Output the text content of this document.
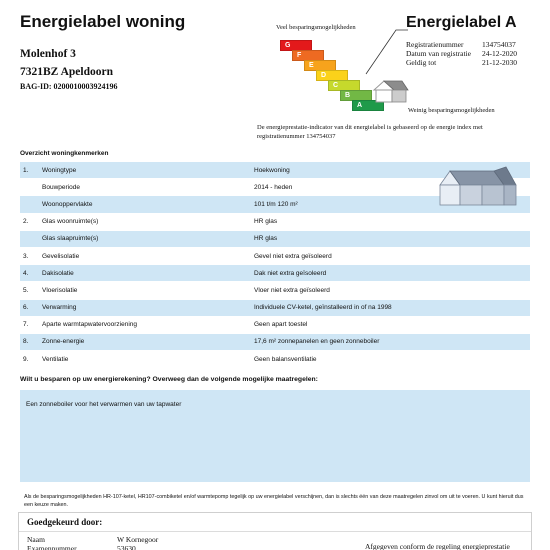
Energielabel woning
Molenhof 3
7321BZ Apeldoorn
BAG-ID: 0200010003924196
Veel besparingsmogelijkheden
G
F
E
D
C
B
A
Energielabel A
Registratienummer	134754037
Datum van registratie	24-12-2020
Geldig tot	21-12-2030
Weinig besparingsmogelijkheden
De energieprestatie-indicator van dit energielabel is gebaseerd op de energie index met registratienummer 134754037
Overzicht woningkenmerken
1.	Woningtype	Hoekwoning
Bouwperiode	2014 - heden
Woonoppervlakte	101 t/m 120 m²
2.	Glas woonruimte(s)	HR glas
Glas slaapruimte(s)	HR glas
3.	Gevelisolatie	Gevel niet extra geïsoleerd
4.	Dakisolatie	Dak niet extra geïsoleerd
5.	Vloerisolatie	Vloer niet extra geïsoleerd
6.	Verwarming	Individuele CV-ketel, geïnstalleerd in of na 1998
7.	Aparte warmtapwatervoorziening	Geen apart toestel
8.	Zonne-energie	17,6 m² zonnepanelen en geen zonneboiler
9.	Ventilatie	Geen balansventilatie
Wilt u besparen op uw energierekening? Overweeg dan de volgende mogelijke maatregelen:
Een zonneboiler voor het verwarmen van uw tapwater
Als de besparingsmogelijkheden HR-107-ketel, HR107-combiketel en/of warmtepomp tegelijk op uw energielabel verschijnen, dan is slechts één van deze maatregelen zinvol om uit te voeren. U kunt hieruit dus een keuze maken.
Goedgekeurd door:
Naam	W Kornegoor
Examennummer	53630	Afgegeven conform de regeling energieprestatie
